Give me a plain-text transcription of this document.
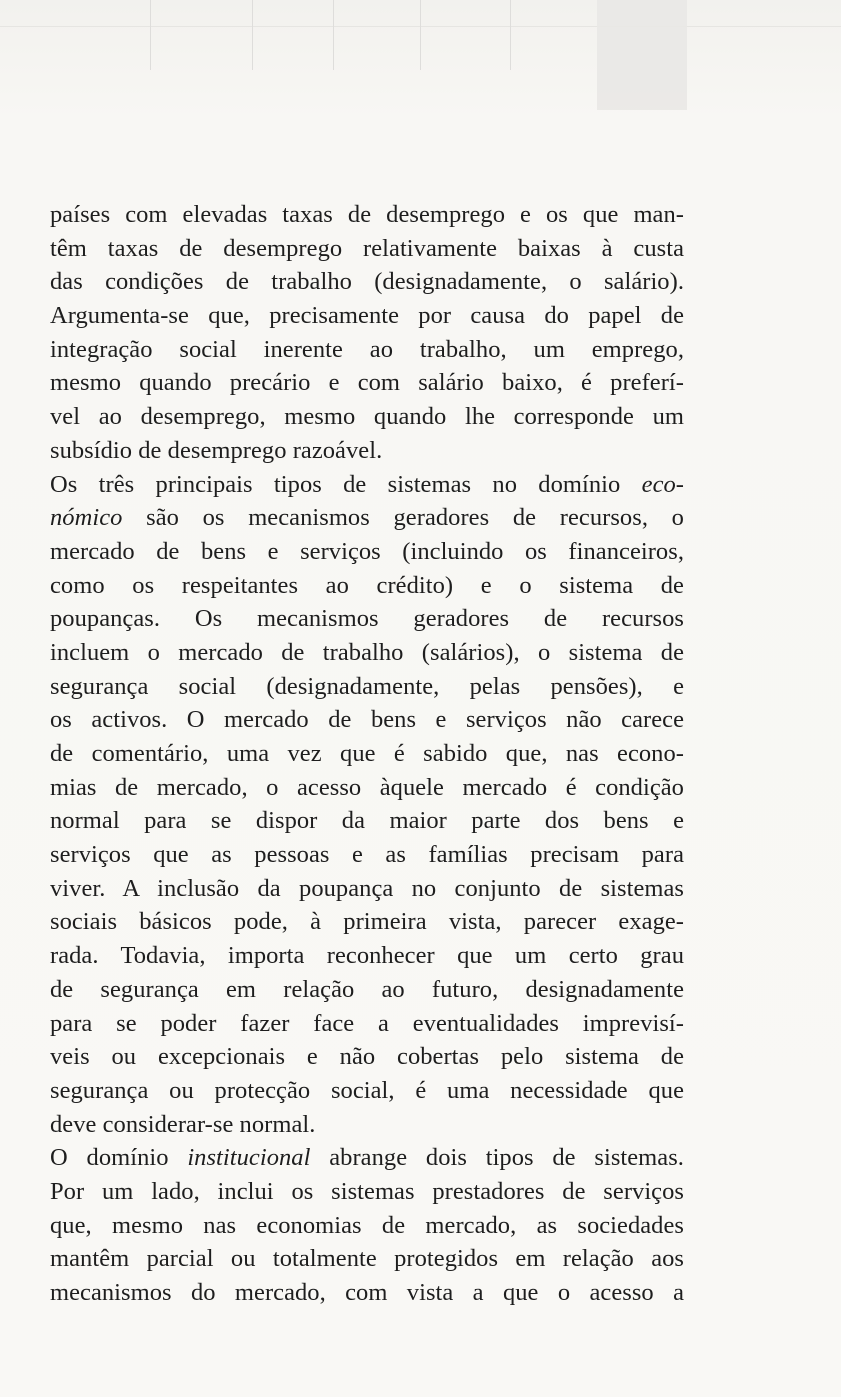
países com elevadas taxas de desemprego e os que man-
têm taxas de desemprego relativamente baixas à custa
das condições de trabalho (designadamente, o salário).
Argumenta-se que, precisamente por causa do papel de
integração social inerente ao trabalho, um emprego,
mesmo quando precário e com salário baixo, é preferí-
vel ao desemprego, mesmo quando lhe corresponde um
subsídio de desemprego razoável.
Os três principais tipos de sistemas no domínio eco-
nómico são os mecanismos geradores de recursos, o
mercado de bens e serviços (incluindo os financeiros,
como os respeitantes ao crédito) e o sistema de
poupanças. Os mecanismos geradores de recursos
incluem o mercado de trabalho (salários), o sistema de
segurança social (designadamente, pelas pensões), e
os activos. O mercado de bens e serviços não carece
de comentário, uma vez que é sabido que, nas econo-
mias de mercado, o acesso àquele mercado é condição
normal para se dispor da maior parte dos bens e
serviços que as pessoas e as famílias precisam para
viver. A inclusão da poupança no conjunto de sistemas
sociais básicos pode, à primeira vista, parecer exage-
rada. Todavia, importa reconhecer que um certo grau
de segurança em relação ao futuro, designadamente
para se poder fazer face a eventualidades imprevisí-
veis ou excepcionais e não cobertas pelo sistema de
segurança ou protecção social, é uma necessidade que
deve considerar-se normal.
O domínio institucional abrange dois tipos de sistemas.
Por um lado, inclui os sistemas prestadores de serviços
que, mesmo nas economias de mercado, as sociedades
mantêm parcial ou totalmente protegidos em relação aos
mecanismos do mercado, com vista a que o acesso a
